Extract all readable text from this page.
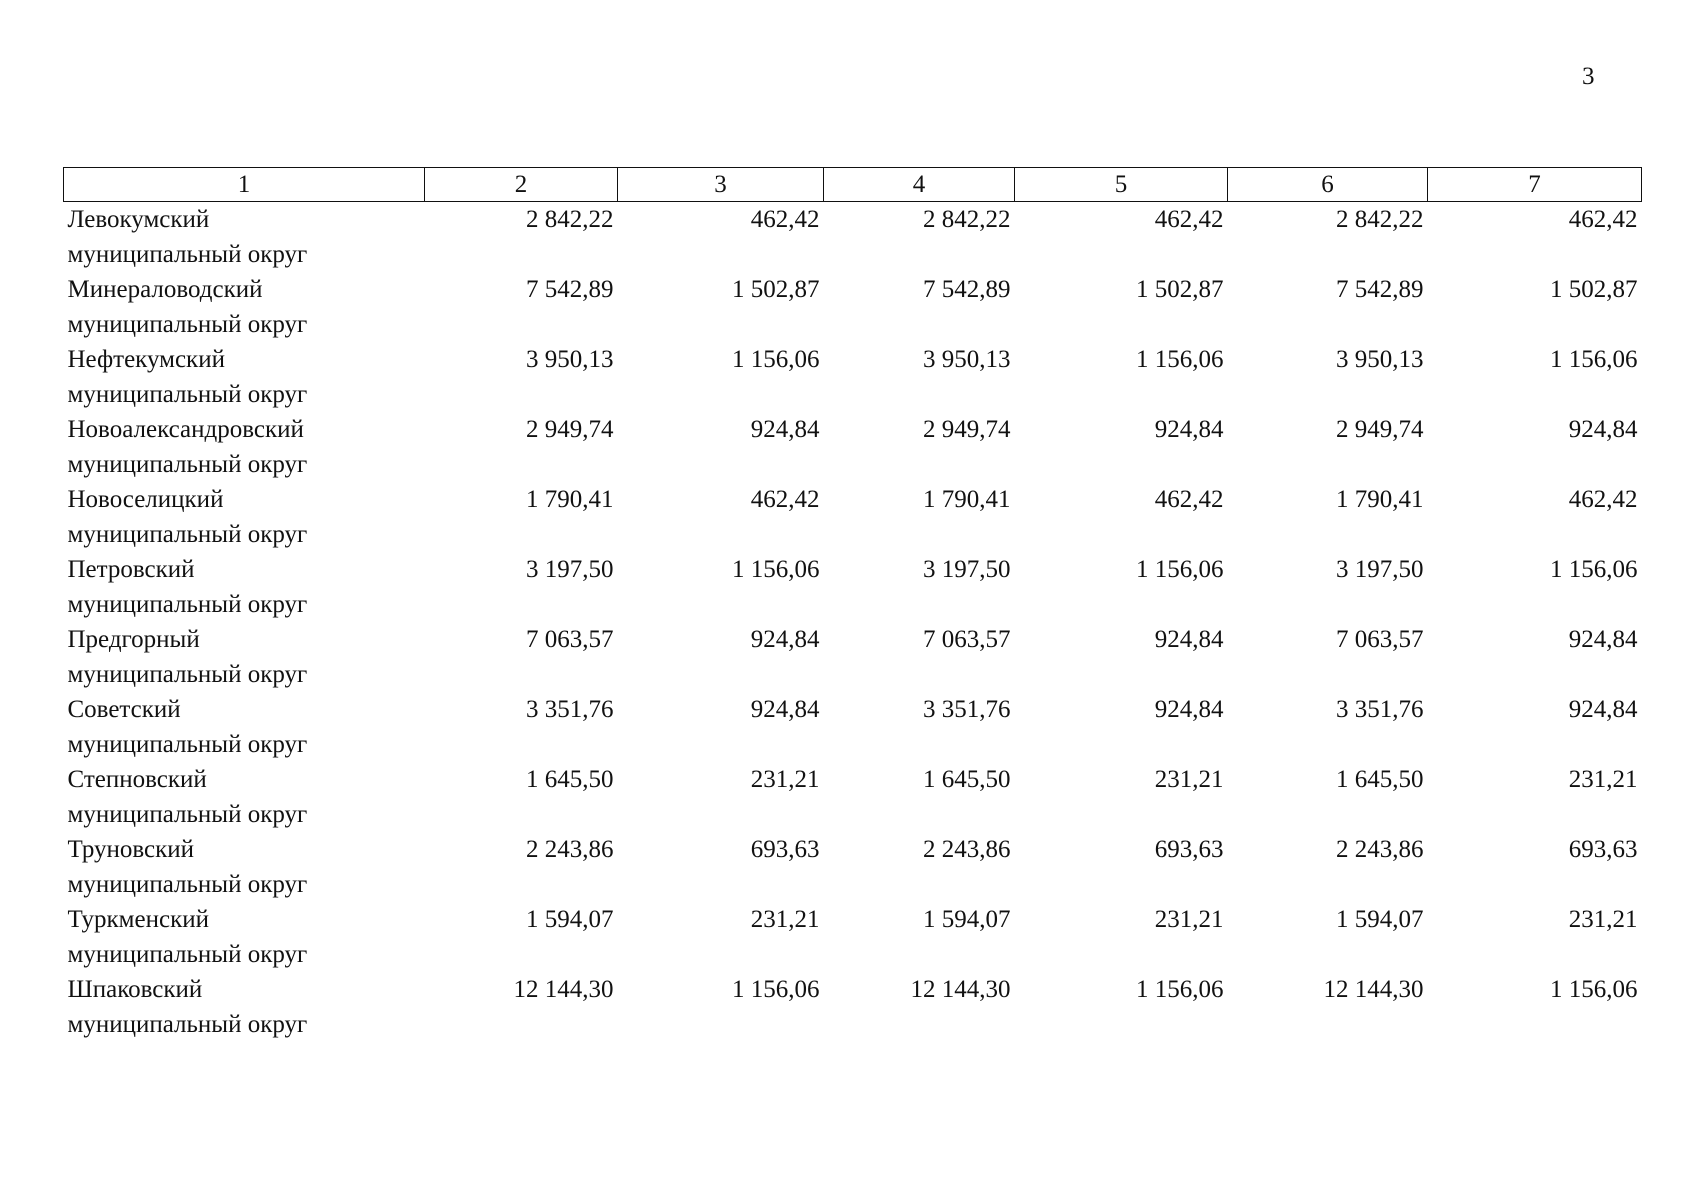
3
1	2	3	4	5	6	7

Левокумский
муниципальный округ	2 842,22	462,42	2 842,22	462,42	2 842,22	462,42

Минераловодский
муниципальный округ	7 542,89	1 502,87	7 542,89	1 502,87	7 542,89	1 502,87

Нефтекумский
муниципальный округ	3 950,13	1 156,06	3 950,13	1 156,06	3 950,13	1 156,06

Новоалександровский
муниципальный округ	2 949,74	924,84	2 949,74	924,84	2 949,74	924,84

Новоселицкий
муниципальный округ	1 790,41	462,42	1 790,41	462,42	1 790,41	462,42

Петровский
муниципальный округ	3 197,50	1 156,06	3 197,50	1 156,06	3 197,50	1 156,06

Предгорный
муниципальный округ	7 063,57	924,84	7 063,57	924,84	7 063,57	924,84

Советский
муниципальный округ	3 351,76	924,84	3 351,76	924,84	3 351,76	924,84

Степновский
муниципальный округ	1 645,50	231,21	1 645,50	231,21	1 645,50	231,21

Труновский
муниципальный округ	2 243,86	693,63	2 243,86	693,63	2 243,86	693,63

Туркменский
муниципальный округ	1 594,07	231,21	1 594,07	231,21	1 594,07	231,21

Шпаковский
муниципальный округ	12 144,30	1 156,06	12 144,30	1 156,06	12 144,30	1 156,06
